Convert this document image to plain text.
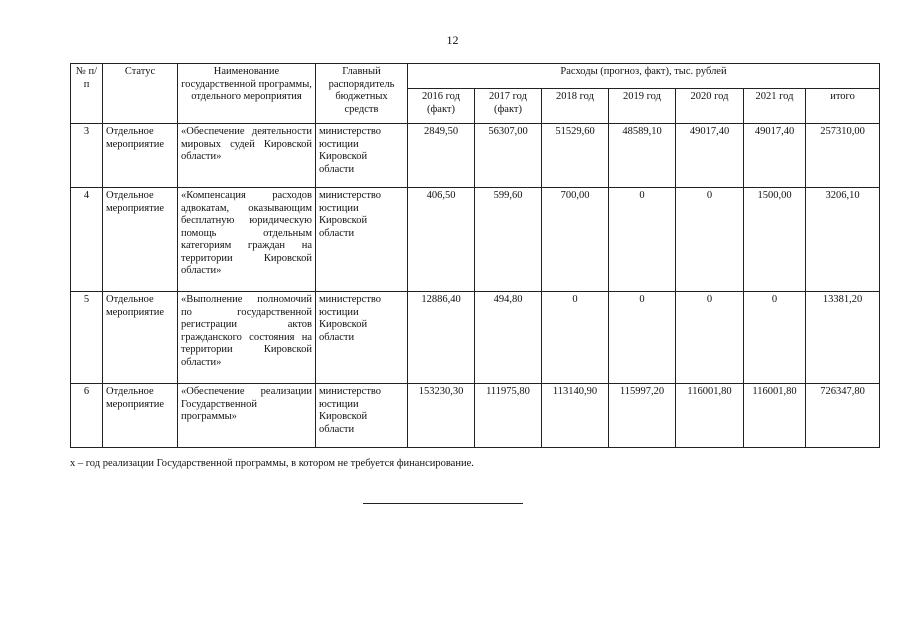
12
№ п/п	Статус	Наименование государственной программы, отдельного мероприятия	Главный распорядитель бюджетных средств	Расходы (прогноз, факт), тыс. рублей						
				2016 год (факт)	2017 год (факт)	2018 год	2019 год	2020 год	2021 год	итого
3	Отдельное мероприятие	«Обеспечение деятельности мировых судей Кировской области»	министерство юстиции Кировской области	2849,50	56307,00	51529,60	48589,10	49017,40	49017,40	257310,00
4	Отдельное мероприятие	«Компенсация расходов адвокатам, оказывающим бесплатную юридическую помощь отдельным категориям граждан на территории Кировской области»	министерство юстиции Кировской области	406,50	599,60	700,00	0	0	1500,00	3206,10
5	Отдельное мероприятие	«Выполнение полномочий по государственной регистрации актов гражданского состояния на территории Кировской области»	министерство юстиции Кировской области	12886,40	494,80	0	0	0	0	13381,20
6	Отдельное мероприятие	«Обеспечение реализации Государственной программы»	министерство юстиции Кировской области	153230,30	111975,80	113140,90	115997,20	116001,80	116001,80	726347,80
х – год реализации Государственной программы, в котором не требуется финансирование.
